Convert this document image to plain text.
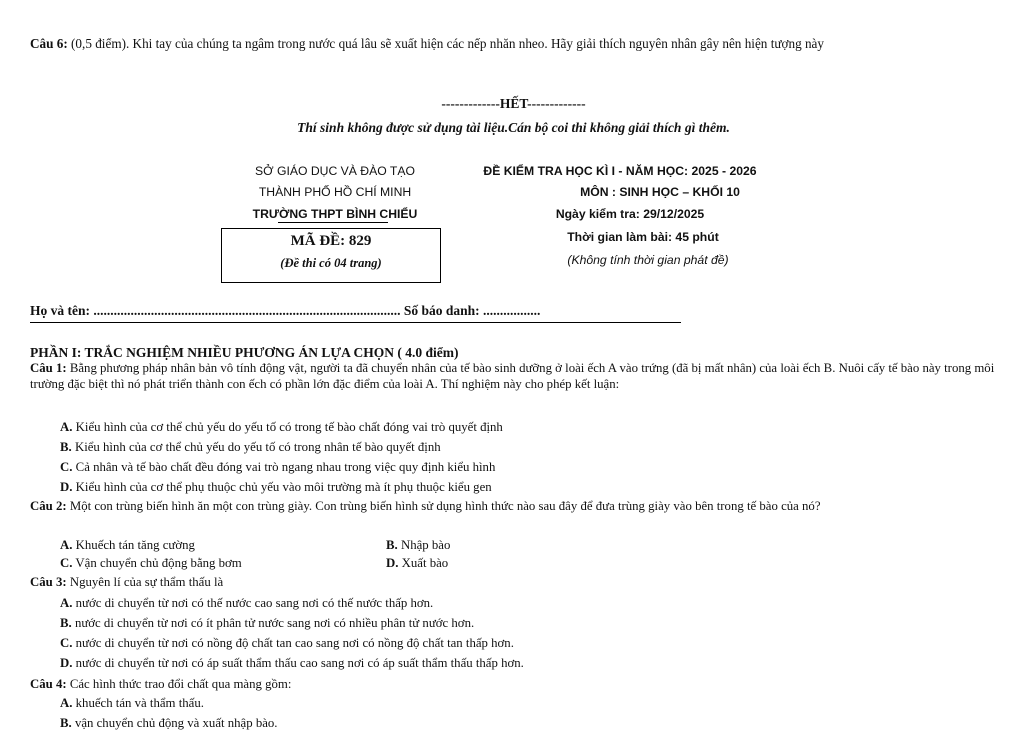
Câu 6: (0,5 điểm). Khi tay của chúng ta ngâm trong nước quá lâu sẽ xuất hiện các nếp nhăn nheo. Hãy giải thích nguyên nhân gây nên hiện tượng này
-------------HẾT-------------
Thí sinh không được sử dụng tài liệu.Cán bộ coi thi không giải thích gì thêm.
SỞ GIÁO DỤC VÀ ĐÀO TẠO
THÀNH PHỐ HỒ CHÍ MINH
TRƯỜNG THPT BÌNH CHIỂU
ĐỀ KIỂM TRA HỌC KÌ I - NĂM HỌC: 2025 - 2026
MÔN : SINH HỌC – KHỐI 10
Ngày kiểm tra: 29/12/2025
Thời gian làm bài: 45 phút
(Không tính thời gian phát đề)
MÃ ĐỀ: 829
(Đề thi có 04 trang)
Họ và tên: ........................................................................................... Số báo danh: .................
PHẦN I: TRẮC NGHIỆM NHIỀU PHƯƠNG ÁN LỰA CHỌN ( 4.0 điểm)
Câu 1: Bằng phương pháp nhân bản vô tính động vật, người ta đã chuyển nhân của tế bào sinh dưỡng ở loài ếch A vào trứng (đã bị mất nhân) của loài ếch B. Nuôi cấy tế bào này trong môi trường đặc biệt thì nó phát triển thành con ếch có phần lớn đặc điểm của loài A. Thí nghiệm này cho phép kết luận:
A. Kiểu hình của cơ thể chủ yếu do yếu tố có trong tế bào chất đóng vai trò quyết định
B. Kiểu hình của cơ thể chủ yếu do yếu tố có trong nhân tế bào quyết định
C. Cả nhân và tế bào chất đều đóng vai trò ngang nhau trong việc quy định kiểu hình
D. Kiểu hình của cơ thể phụ thuộc chủ yếu vào môi trường mà ít phụ thuộc kiểu gen
Câu 2: Một con trùng biến hình ăn một con trùng giày. Con trùng biến hình sử dụng hình thức nào sau đây để đưa trùng giày vào bên trong tế bào của nó?
A. Khuếch tán tăng cường	B. Nhập bào
C. Vận chuyển chủ động bằng bơm	D. Xuất bào
Câu 3: Nguyên lí của sự thẩm thấu là
A. nước di chuyển từ nơi có thế nước cao sang nơi có thế nước thấp hơn.
B. nước di chuyển từ nơi có ít phân tử nước sang nơi có nhiều phân tử nước hơn.
C. nước di chuyển từ nơi có nồng độ chất tan cao sang nơi có nồng độ chất tan thấp hơn.
D. nước di chuyển từ nơi có áp suất thẩm thấu cao sang nơi có áp suất thẩm thấu thấp hơn.
Câu 4: Các hình thức trao đổi chất qua màng gồm:
A. khuếch tán và thẩm thấu.
B. vận chuyển chủ động và xuất nhập bào.
